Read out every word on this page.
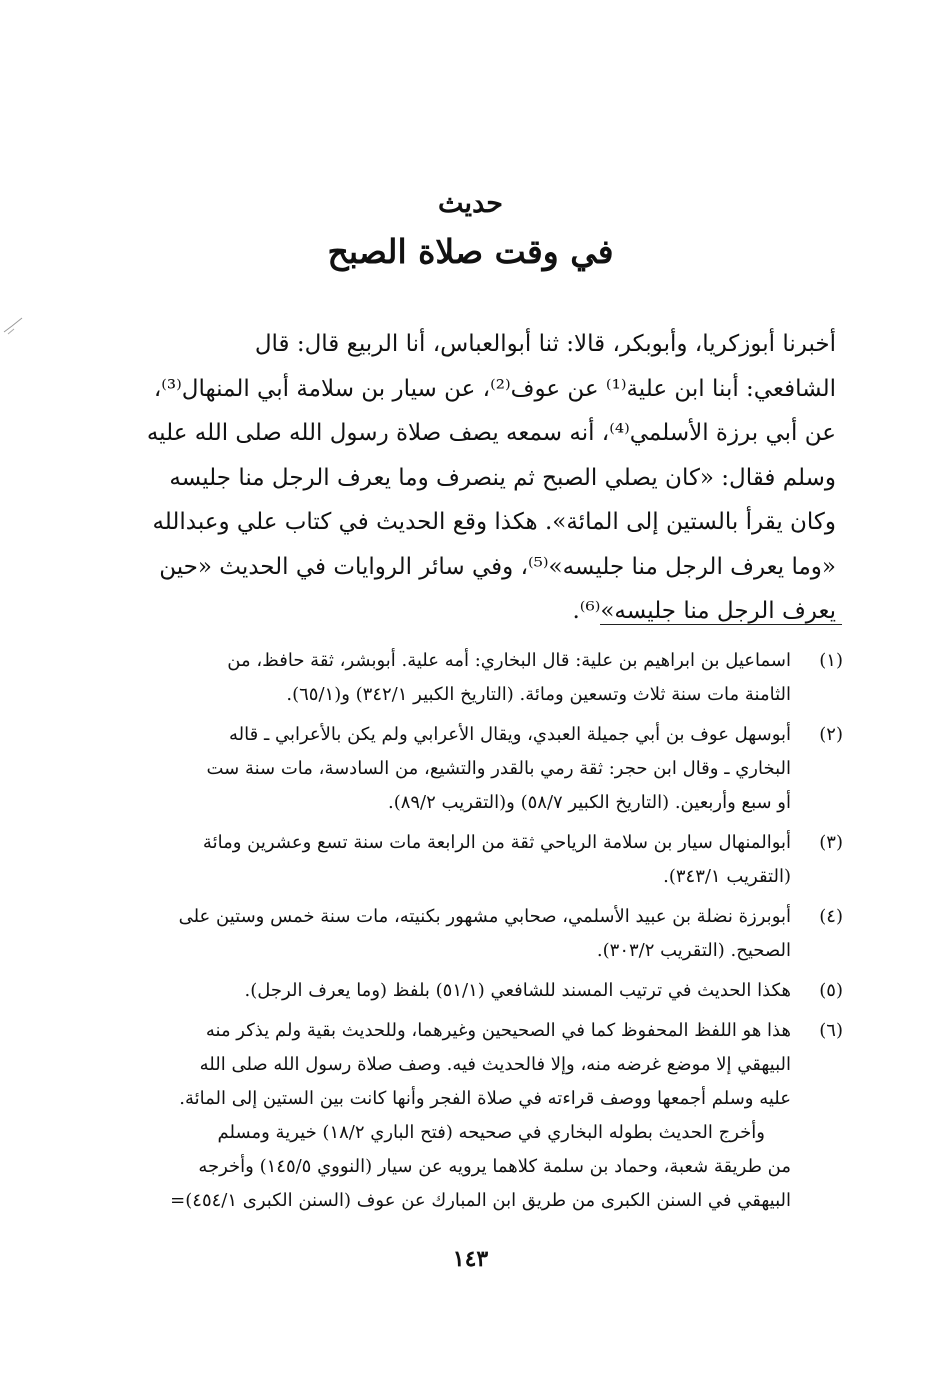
حديث
في وقت صلاة الصبح
أخبرنا أبوزكريا، وأبوبكر، قالا: ثنا أبوالعباس، أنا الربيع قال: قال
الشافعي: أبنا ابن علية⁽¹⁾ عن عوف⁽²⁾، عن سيار بن سلامة أبي المنهال⁽³⁾،
عن أبي برزة الأسلمي⁽⁴⁾، أنه سمعه يصف صلاة رسول الله صلى الله عليه
وسلم فقال: «كان يصلي الصبح ثم ينصرف وما يعرف الرجل منا جليسه
وكان يقرأ بالستين إلى المائة». هكذا وقع الحديث في كتاب علي وعبدالله
«وما يعرف الرجل منا جليسه»⁽⁵⁾، وفي سائر الروايات في الحديث «حين
يعرف الرجل منا جليسه»⁽⁶⁾.
(١)
اسماعيل بن ابراهيم بن علية: قال البخاري: أمه علية. أبوبشر، ثقة حافظ، من
الثامنة مات سنة ثلاث وتسعين ومائة. (التاريخ الكبير ٣٤٢/١) و(٦٥/١).
(٢)
أبوسهل عوف بن أبي جميلة العبدي، ويقال الأعرابي ولم يكن بالأعرابي ـ قاله
البخاري ـ وقال ابن حجر: ثقة رمي بالقدر والتشيع، من السادسة، مات سنة ست
أو سبع وأربعين. (التاريخ الكبير ٥٨/٧) و(التقريب ٨٩/٢).
(٣)
أبوالمنهال سيار بن سلامة الرياحي ثقة من الرابعة مات سنة تسع وعشرين ومائة
(التقريب ٣٤٣/١).
(٤)
أبوبرزة نضلة بن عبيد الأسلمي، صحابي مشهور بكنيته، مات سنة خمس وستين على
الصحيح. (التقريب ٣٠٣/٢).
(٥)
هكذا الحديث في ترتيب المسند للشافعي (٥١/١) بلفظ (وما يعرف الرجل).
(٦)
هذا هو اللفظ المحفوظ كما في الصحيحين وغيرهما، وللحديث بقية ولم يذكر منه
البيهقي إلا موضع غرضه منه، وإلا فالحديث فيه. وصف صلاة رسول الله صلى الله
عليه وسلم أجمعها ووصف قراءته في صلاة الفجر وأنها كانت بين الستين إلى المائة.
وأخرج الحديث بطوله البخاري في صحيحه (فتح الباري ١٨/٢) خيرية ومسلم
من طريقة شعبة، وحماد بن سلمة كلاهما يرويه عن سيار (النووي ١٤٥/٥) وأخرجه
البيهقي في السنن الكبرى من طريق ابن المبارك عن عوف (السنن الكبرى ٤٥٤/١)=
١٤٣
